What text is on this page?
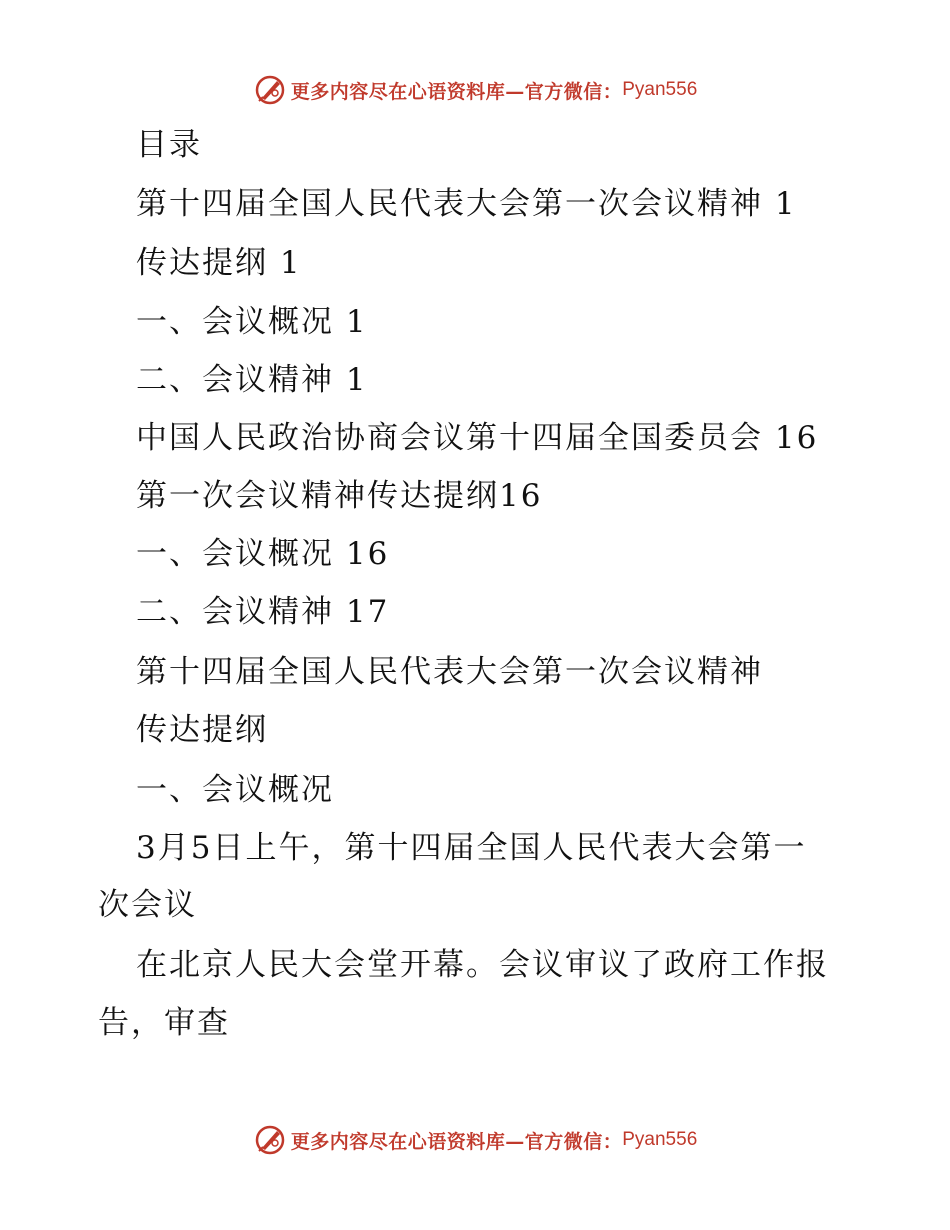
更多内容尽在心语资料库—官方微信： Pyan556
目录
第十四届全国人民代表大会第一次会议精神 1
传达提纲 1
一、会议概况 1
二、会议精神 1
中国人民政治协商会议第十四届全国委员会 16
第一次会议精神传达提纲16
一、会议概况 16
二、会议精神 17
第十四届全国人民代表大会第一次会议精神
传达提纲
一、会议概况
3月5日上午，第十四届全国人民代表大会第一
次会议
在北京人民大会堂开幕。会议审议了政府工作报
告，审查
更多内容尽在心语资料库—官方微信： Pyan556
